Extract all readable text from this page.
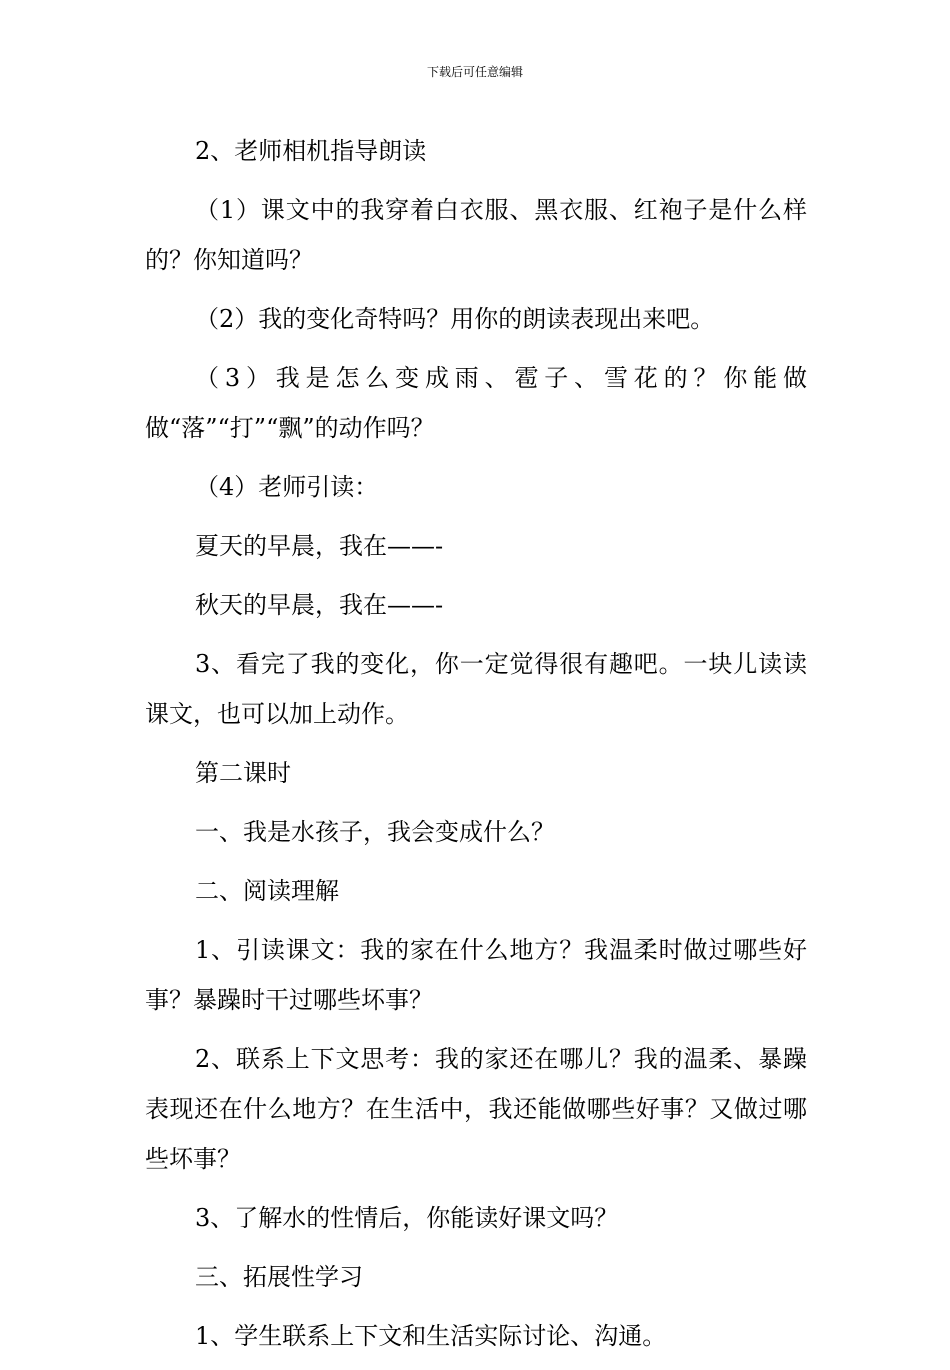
下载后可任意编辑

2、老师相机指导朗读

（1）课文中的我穿着白衣服、黑衣服、红袍子是什么样的？你知道吗？

（2）我的变化奇特吗？用你的朗读表现出来吧。

（3）我是怎么变成雨、雹子、雪花的？你能做做“落”“打”“飘”的动作吗？

（4）老师引读：

夏天的早晨，我在——-

秋天的早晨，我在——-

3、看完了我的变化，你一定觉得很有趣吧。一块儿读读课文，也可以加上动作。

第二课时

一、我是水孩子，我会变成什么？

二、阅读理解

1、引读课文：我的家在什么地方？我温柔时做过哪些好事？暴躁时干过哪些坏事？

2、联系上下文思考：我的家还在哪儿？我的温柔、暴躁表现还在什么地方？在生活中，我还能做哪些好事？又做过哪些坏事？

3、了解水的性情后，你能读好课文吗？

三、拓展性学习

1、学生联系上下文和生活实际讨论、沟通。
